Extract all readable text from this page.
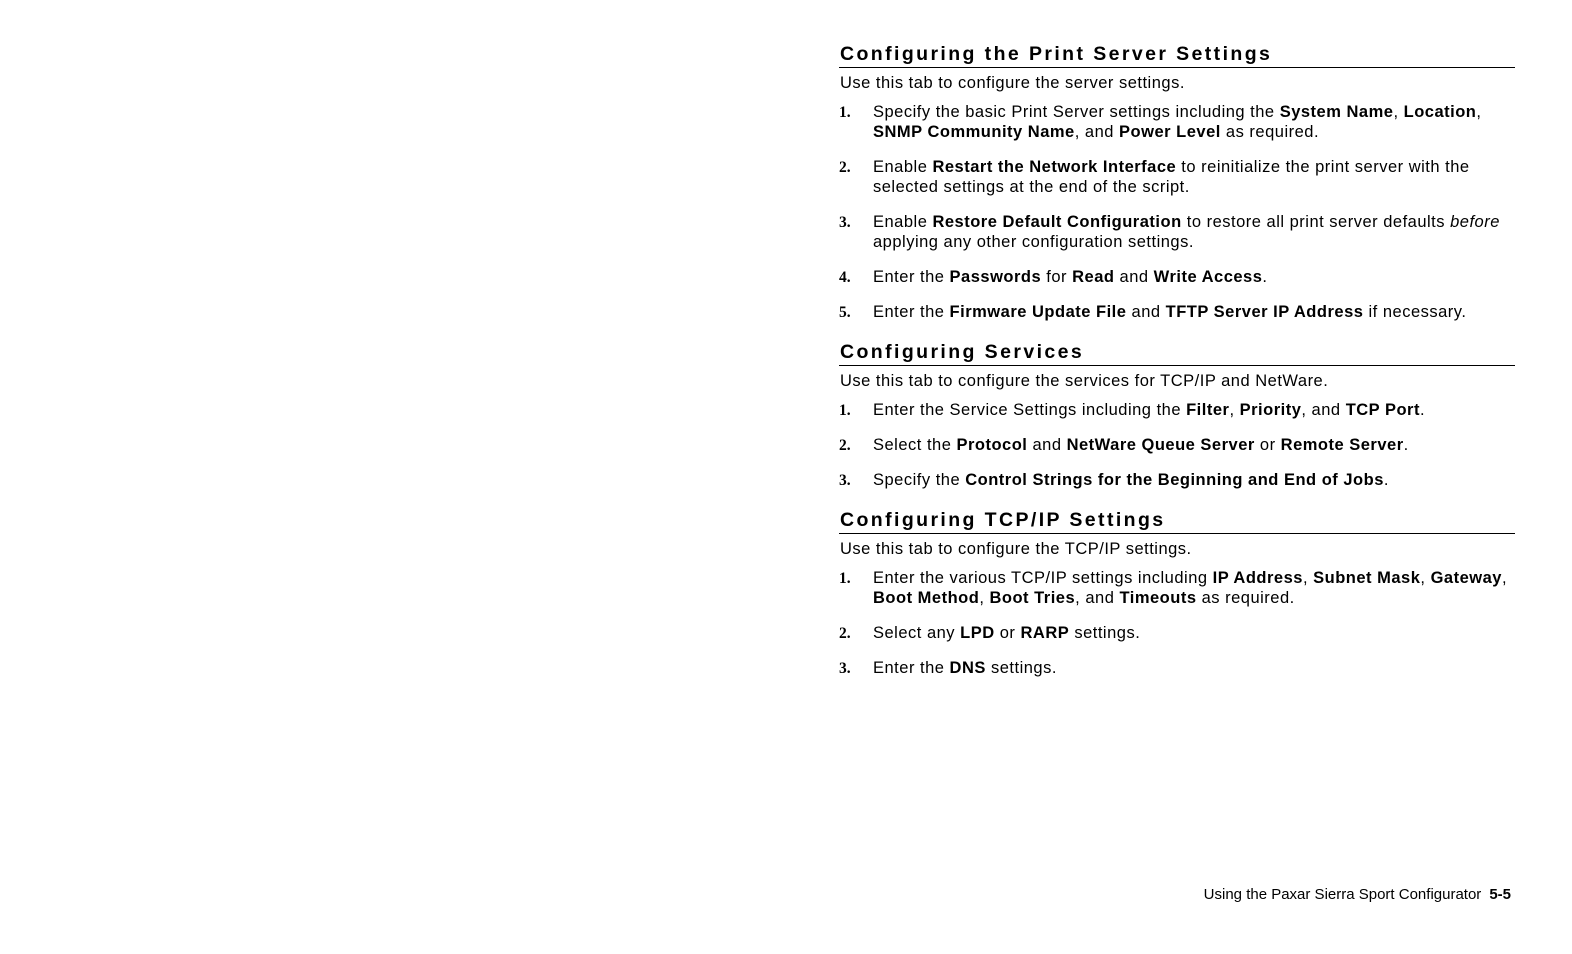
Configuring the Print Server Settings

Use this tab to configure the server settings.

1. Specify the basic Print Server settings including the System Name, Location, SNMP Community Name, and Power Level as required.
2. Enable Restart the Network Interface to reinitialize the print server with the selected settings at the end of the script.
3. Enable Restore Default Configuration to restore all print server defaults before applying any other configuration settings.
4. Enter the Passwords for Read and Write Access.
5. Enter the Firmware Update File and TFTP Server IP Address if necessary.
Configuring Services

Use this tab to configure the services for TCP/IP and NetWare.

1. Enter the Service Settings including the Filter, Priority, and TCP Port.
2. Select the Protocol and NetWare Queue Server or Remote Server.
3. Specify the Control Strings for the Beginning and End of Jobs.
Configuring TCP/IP Settings

Use this tab to configure the TCP/IP settings.

1. Enter the various TCP/IP settings including IP Address, Subnet Mask, Gateway, Boot Method, Boot Tries, and Timeouts as required.
2. Select any LPD or RARP settings.
3. Enter the DNS settings.
Using the Paxar Sierra Sport Configurator 5-5
